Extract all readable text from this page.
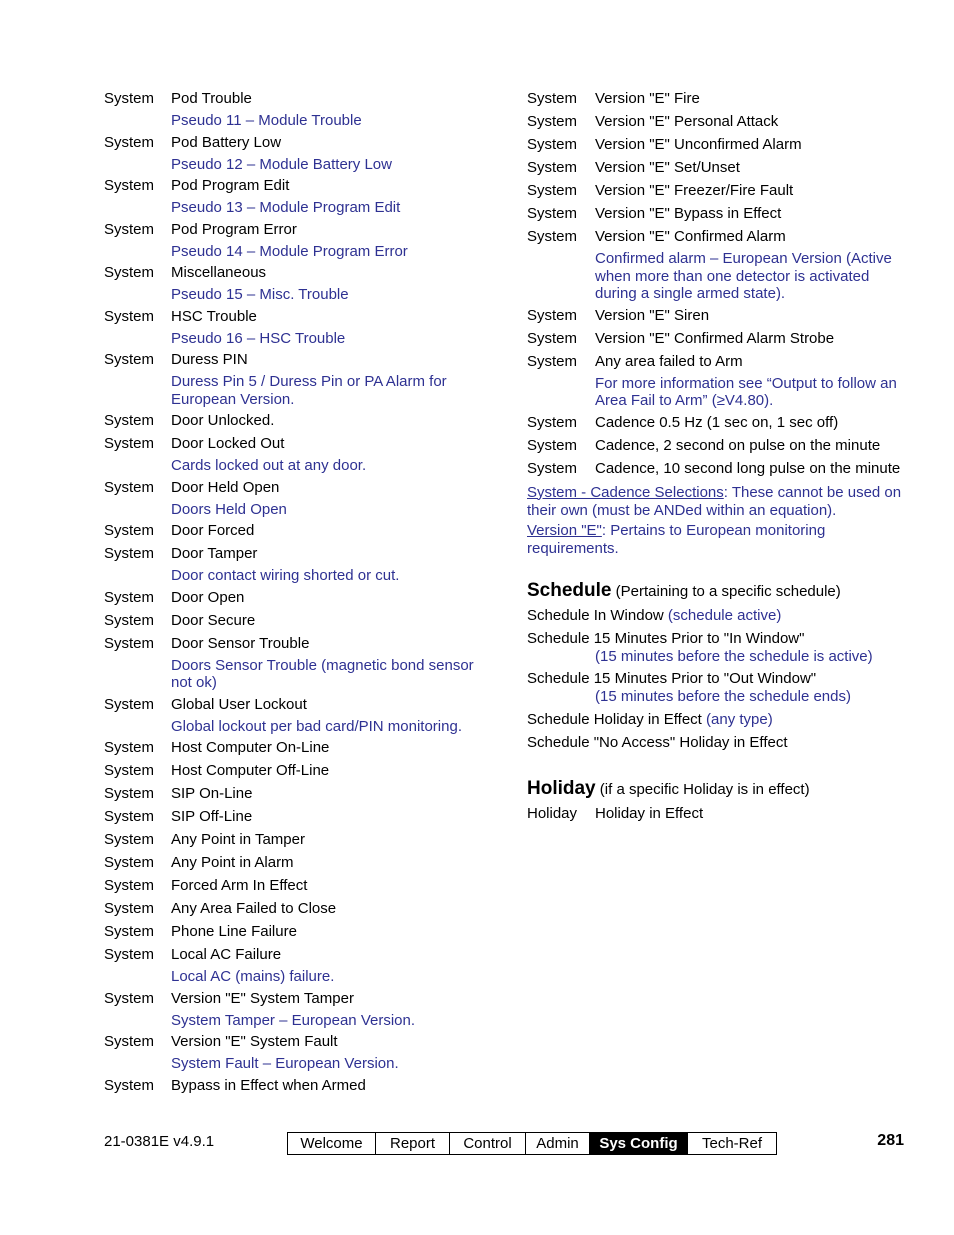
System	Pod Trouble
Pseudo 11 – Module Trouble
System	Pod Battery Low
Pseudo 12 – Module Battery Low
System	Pod Program Edit
Pseudo 13 – Module Program Edit
System	Pod Program Error
Pseudo 14 – Module Program Error
System	Miscellaneous
Pseudo 15 – Misc. Trouble
System	HSC Trouble
Pseudo 16 – HSC Trouble
System	Duress PIN
Duress Pin 5 / Duress Pin or PA Alarm for European Version.
System	Door Unlocked.
System	Door Locked Out
Cards locked out at any door.
System	Door Held Open
Doors Held Open
System	Door Forced
System	Door Tamper
Door contact wiring shorted or cut.
System	Door Open
System	Door Secure
System	Door Sensor Trouble
Doors Sensor Trouble (magnetic bond sensor not ok)
System	Global User Lockout
Global lockout per bad card/PIN monitoring.
System	Host Computer On-Line
System	Host Computer Off-Line
System	SIP On-Line
System	SIP Off-Line
System	Any Point in Tamper
System	Any Point in Alarm
System	Forced Arm In Effect
System	Any Area Failed to Close
System	Phone Line Failure
System	Local AC Failure
Local AC (mains) failure.
System	Version "E" System Tamper
System Tamper – European Version.
System	Version "E" System Fault
System Fault – European Version.
System	Bypass in Effect when Armed
System	Version "E" Fire
System	Version "E" Personal Attack
System	Version "E" Unconfirmed Alarm
System	Version "E" Set/Unset
System	Version "E" Freezer/Fire Fault
System	Version "E" Bypass in Effect
System	Version "E" Confirmed Alarm
Confirmed alarm – European Version (Active when more than one detector is activated during a single armed state).
System	Version "E" Siren
System	Version "E" Confirmed Alarm Strobe
System	Any area failed to Arm
For more information see “Output to follow an Area Fail to Arm” (≥V4.80).
System	Cadence 0.5 Hz (1 sec on, 1 sec off)
System	Cadence, 2 second on pulse on the minute
System	Cadence, 10 second long pulse on the minute
System - Cadence Selections: These cannot be used on their own (must be ANDed within an equation).
Version "E": Pertains to European monitoring requirements.
Schedule (Pertaining to a specific schedule)
Schedule In Window (schedule active)
Schedule 15 Minutes Prior to "In Window"
(15 minutes before the schedule is active)
Schedule 15 Minutes Prior to "Out Window"
(15 minutes before the schedule ends)
Schedule Holiday in Effect (any type)
Schedule "No Access" Holiday in Effect
Holiday (if a specific Holiday is in effect)
Holiday	Holiday in Effect
21-0381E v4.9.1	Welcome	Report	Control	Admin	Sys Config	Tech-Ref	281
